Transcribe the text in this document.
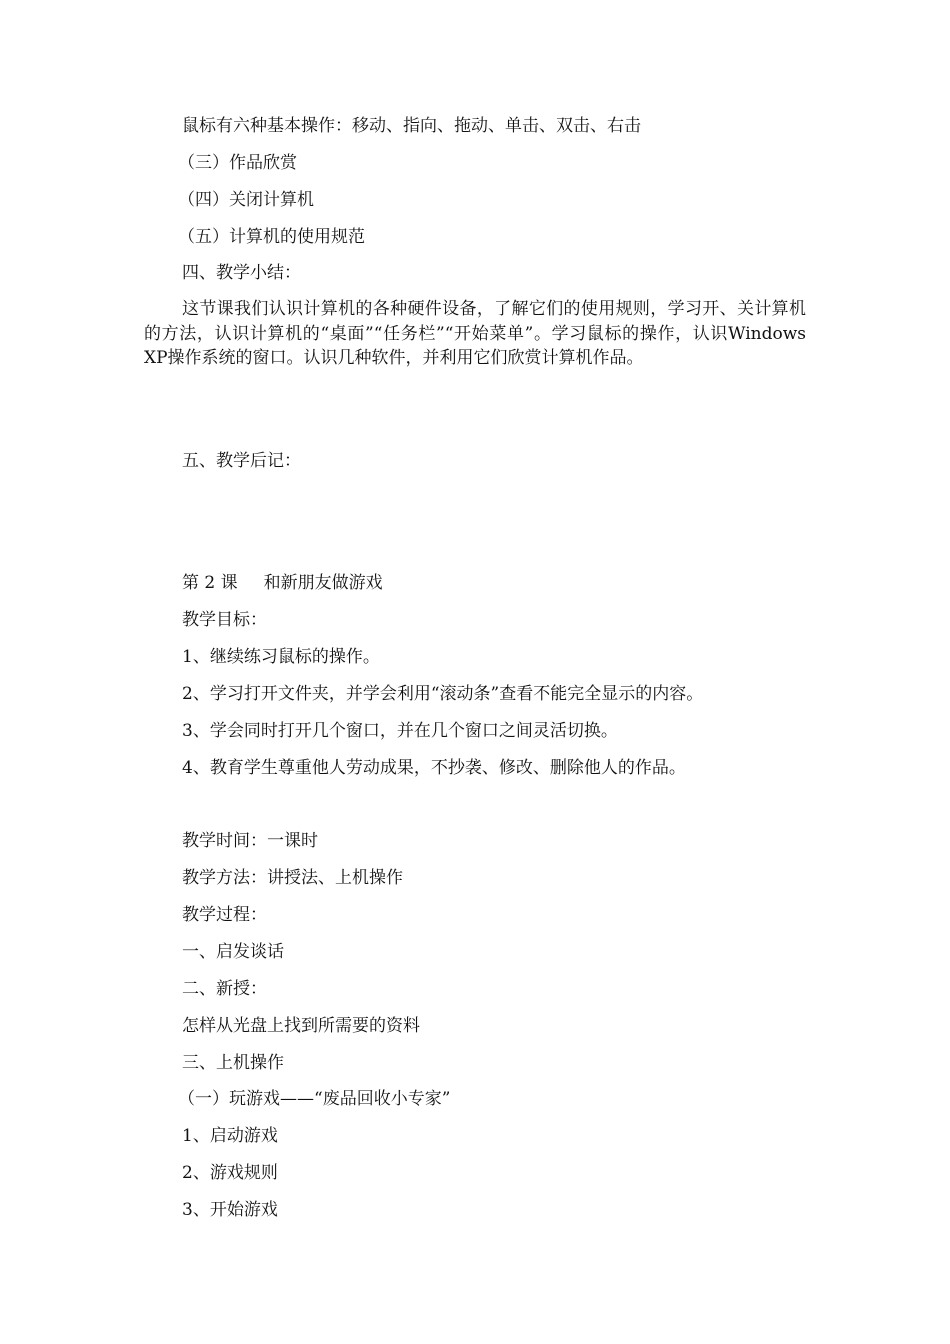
鼠标有六种基本操作：移动、指向、拖动、单击、双击、右击
（三）作品欣赏
（四）关闭计算机
（五）计算机的使用规范
四、教学小结：
这节课我们认识计算机的各种硬件设备，了解它们的使用规则，学习开、关计算机的方法，认识计算机的“桌面”“任务栏”“开始菜单”。学习鼠标的操作，认识Windows XP操作系统的窗口。认识几种软件，并利用它们欣赏计算机作品。
五、教学后记：
第 2 课 和新朋友做游戏
教学目标：
1、继续练习鼠标的操作。
2、学习打开文件夹，并学会利用“滚动条”查看不能完全显示的内容。
3、学会同时打开几个窗口，并在几个窗口之间灵活切换。
4、教育学生尊重他人劳动成果，不抄袭、修改、删除他人的作品。
教学时间：一课时
教学方法：讲授法、上机操作
教学过程：
一、启发谈话
二、新授：
怎样从光盘上找到所需要的资料
三、上机操作
（一）玩游戏——“废品回收小专家”
1、启动游戏
2、游戏规则
3、开始游戏
